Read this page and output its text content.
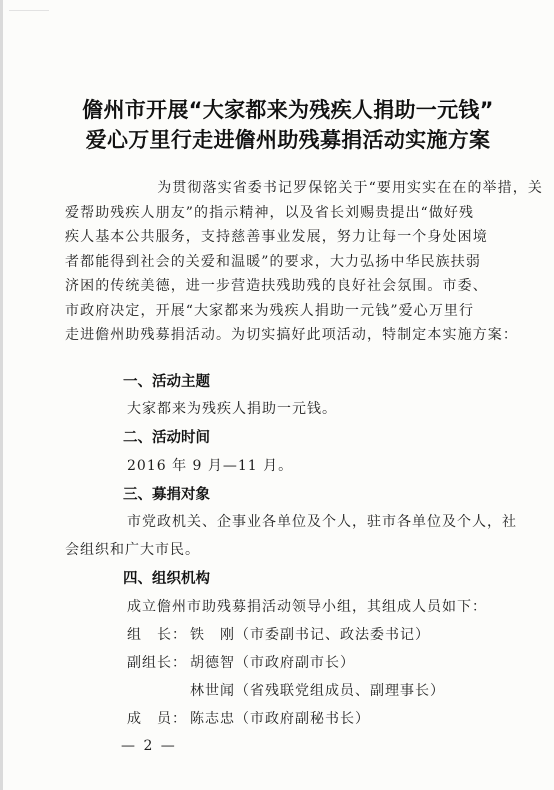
儋州市开展“大家都来为残疾人捐助一元钱”
爱心万里行走进儋州助残募捐活动实施方案
　　为贯彻落实省委书记罗保铭关于“要用实实在在的举措，关
爱帮助残疾人朋友”的指示精神，以及省长刘赐贵提出“做好残
疾人基本公共服务，支持慈善事业发展，努力让每一个身处困境
者都能得到社会的关爱和温暖”的要求，大力弘扬中华民族扶弱
济困的传统美德，进一步营造扶残助残的良好社会氛围。市委、
市政府决定，开展“大家都来为残疾人捐助一元钱”爱心万里行
走进儋州助残募捐活动。为切实搞好此项活动，特制定本实施方案：
一、活动主题
大家都来为残疾人捐助一元钱。
二、活动时间
2016 年 9 月—11 月。
三、募捐对象
市党政机关、企事业各单位及个人，驻市各单位及个人，社
会组织和广大市民。
四、组织机构
成立儋州市助残募捐活动领导小组，其组成人员如下：
组　长： 铁　刚（市委副书记、政法委书记）
副组长： 胡德智（市政府副市长）
林世闻（省残联党组成员、副理事长）
成　员： 陈志忠（市政府副秘书长）
— 2 —
